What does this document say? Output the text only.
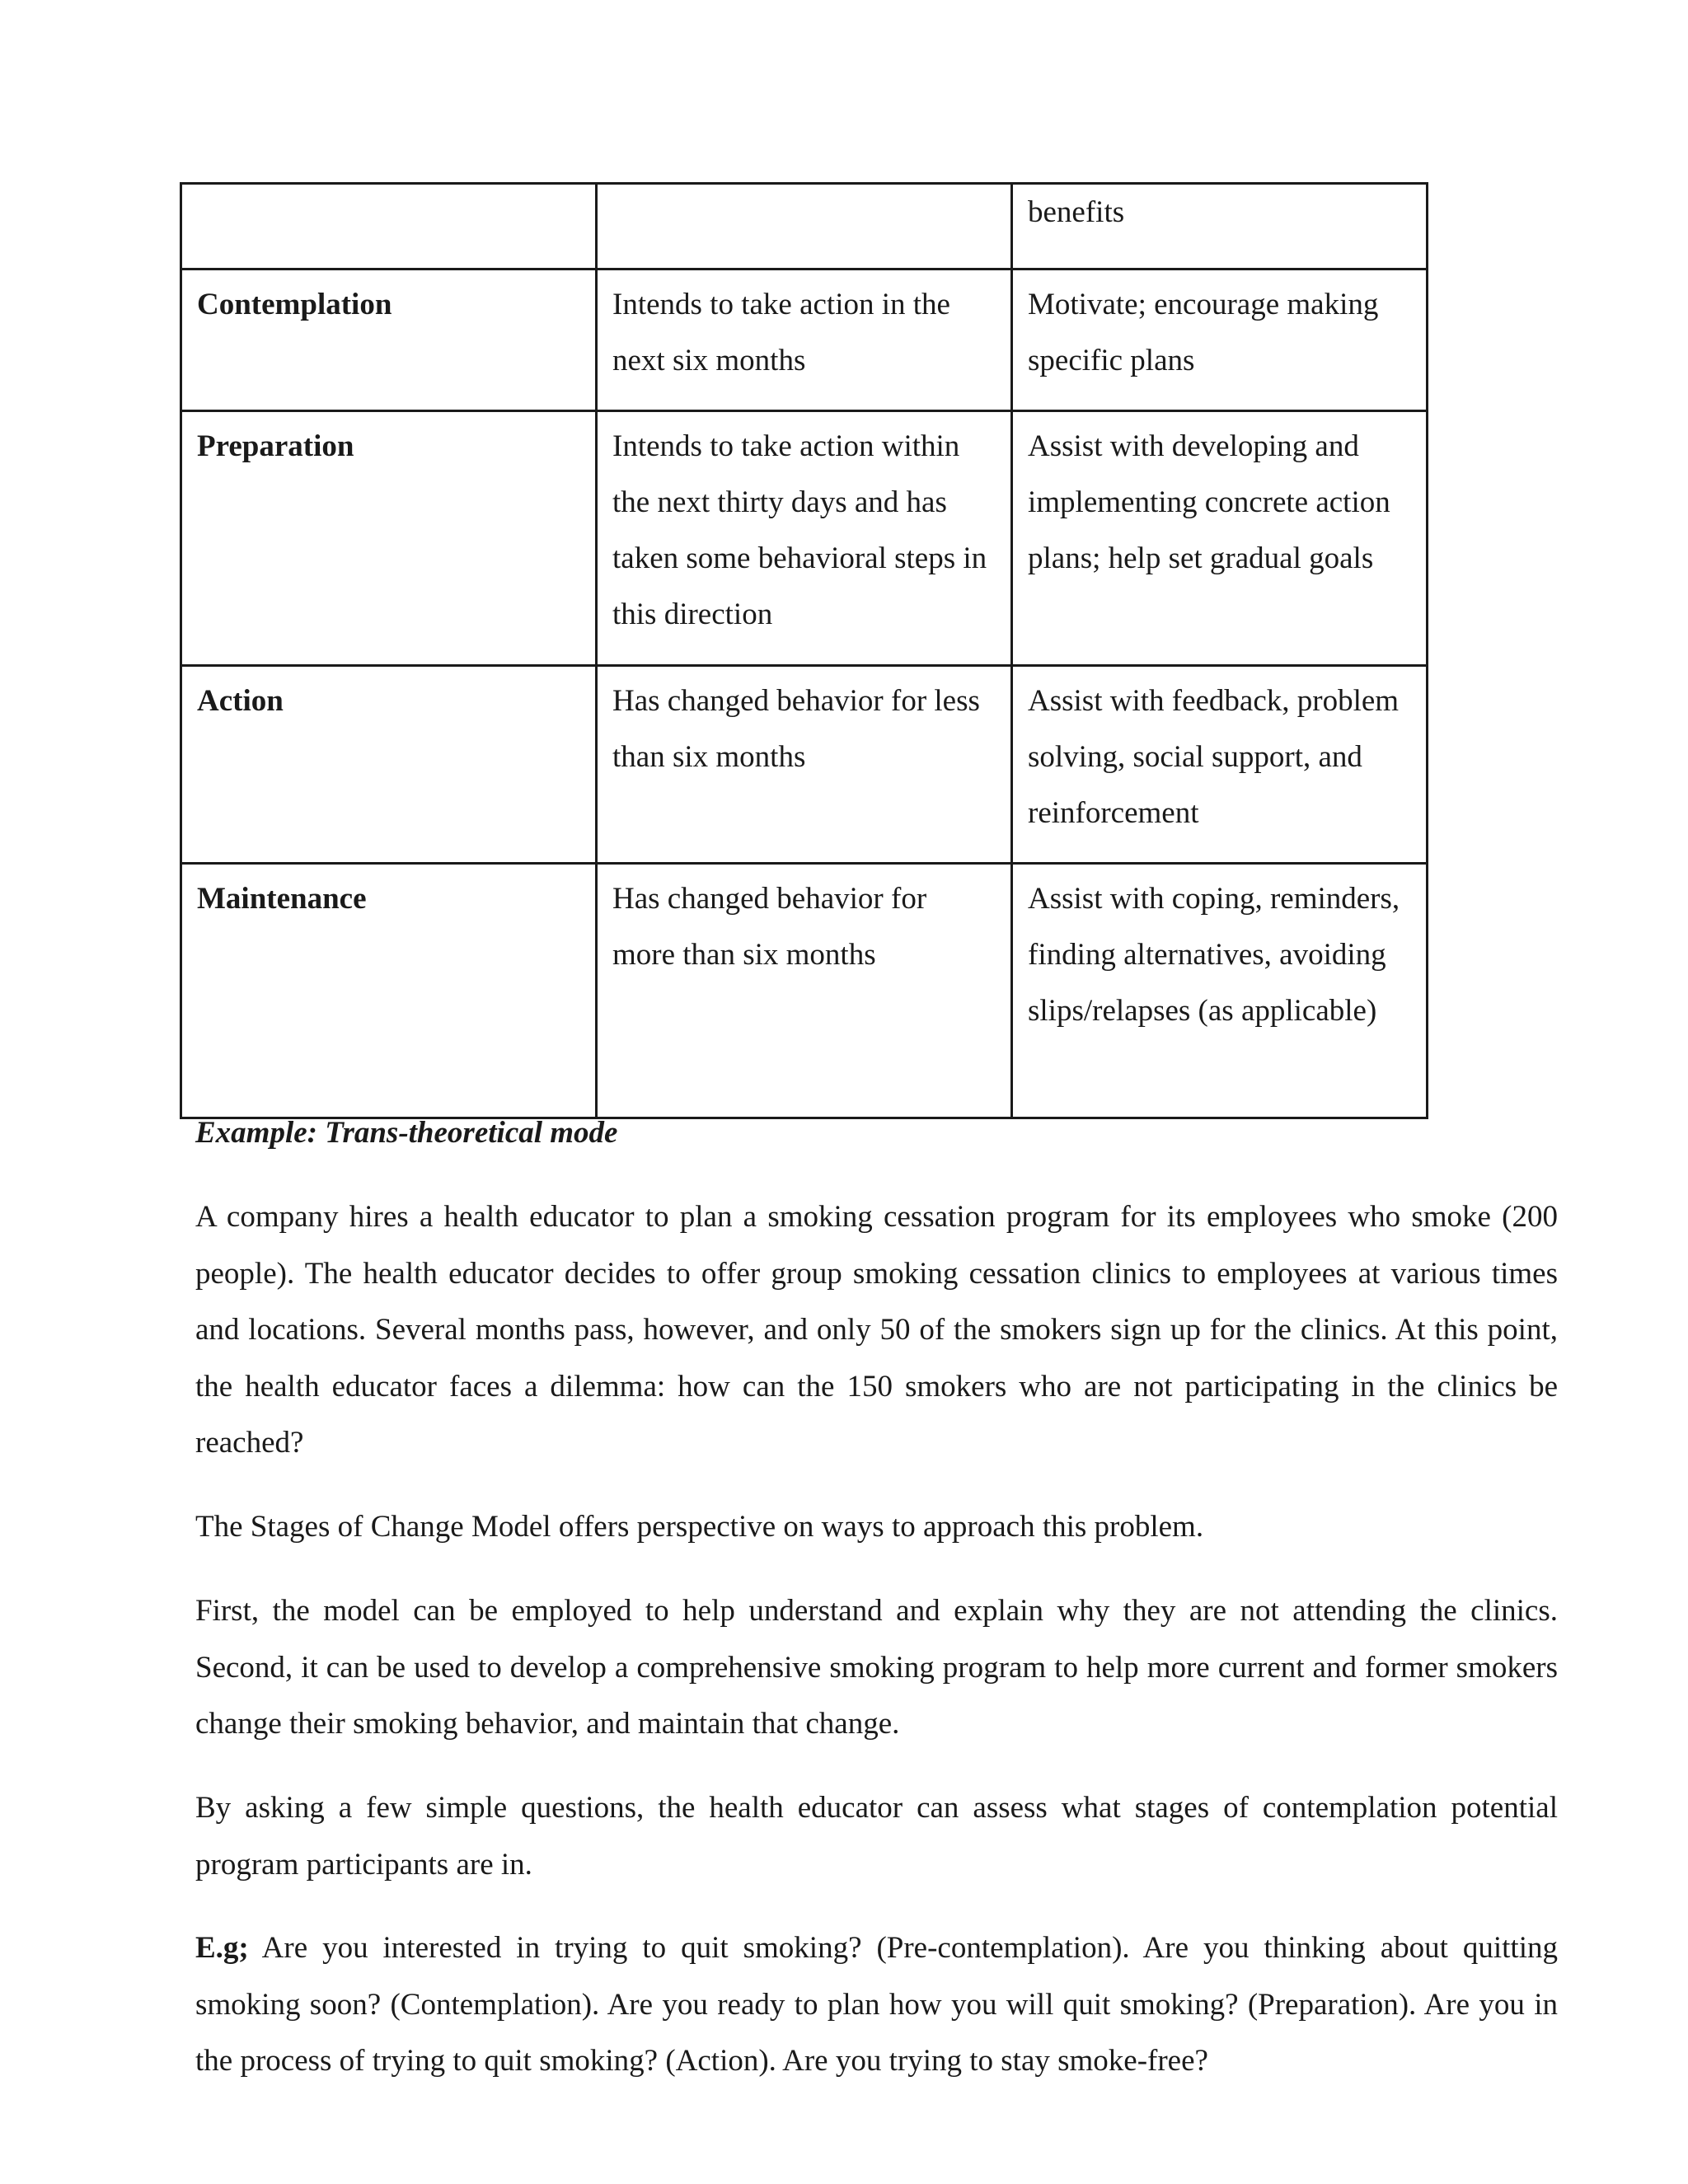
		benefits
Contemplation	Intends to take action in the next six months	Motivate; encourage making specific plans
Preparation	Intends to take action within the next thirty days and has taken some behavioral steps in this direction	Assist with developing and implementing concrete action plans; help set gradual goals
Action	Has changed behavior for less than six months	Assist with feedback, problem solving, social support, and reinforcement
Maintenance	Has changed behavior for more than six months	Assist with coping, reminders, finding alternatives, avoiding slips/relapses (as applicable)
Example: Trans-theoretical mode

A company hires a health educator to plan a smoking cessation program for its employees who smoke (200 people). The health educator decides to offer group smoking cessation clinics to employees at various times and locations. Several months pass, however, and only 50 of the smokers sign up for the clinics. At this point, the health educator faces a dilemma: how can the 150 smokers who are not participating in the clinics be reached?

The Stages of Change Model offers perspective on ways to approach this problem.

First, the model can be employed to help understand and explain why they are not attending the clinics. Second, it can be used to develop a comprehensive smoking program to help more current and former smokers change their smoking behavior, and maintain that change.

By asking a few simple questions, the health educator can assess what stages of contemplation potential program participants are in.

E.g; Are you interested in trying to quit smoking? (Pre-contemplation). Are you thinking about quitting smoking soon? (Contemplation). Are you ready to plan how you will quit smoking? (Preparation). Are you in the process of trying to quit smoking? (Action). Are you trying to stay smoke-free?
